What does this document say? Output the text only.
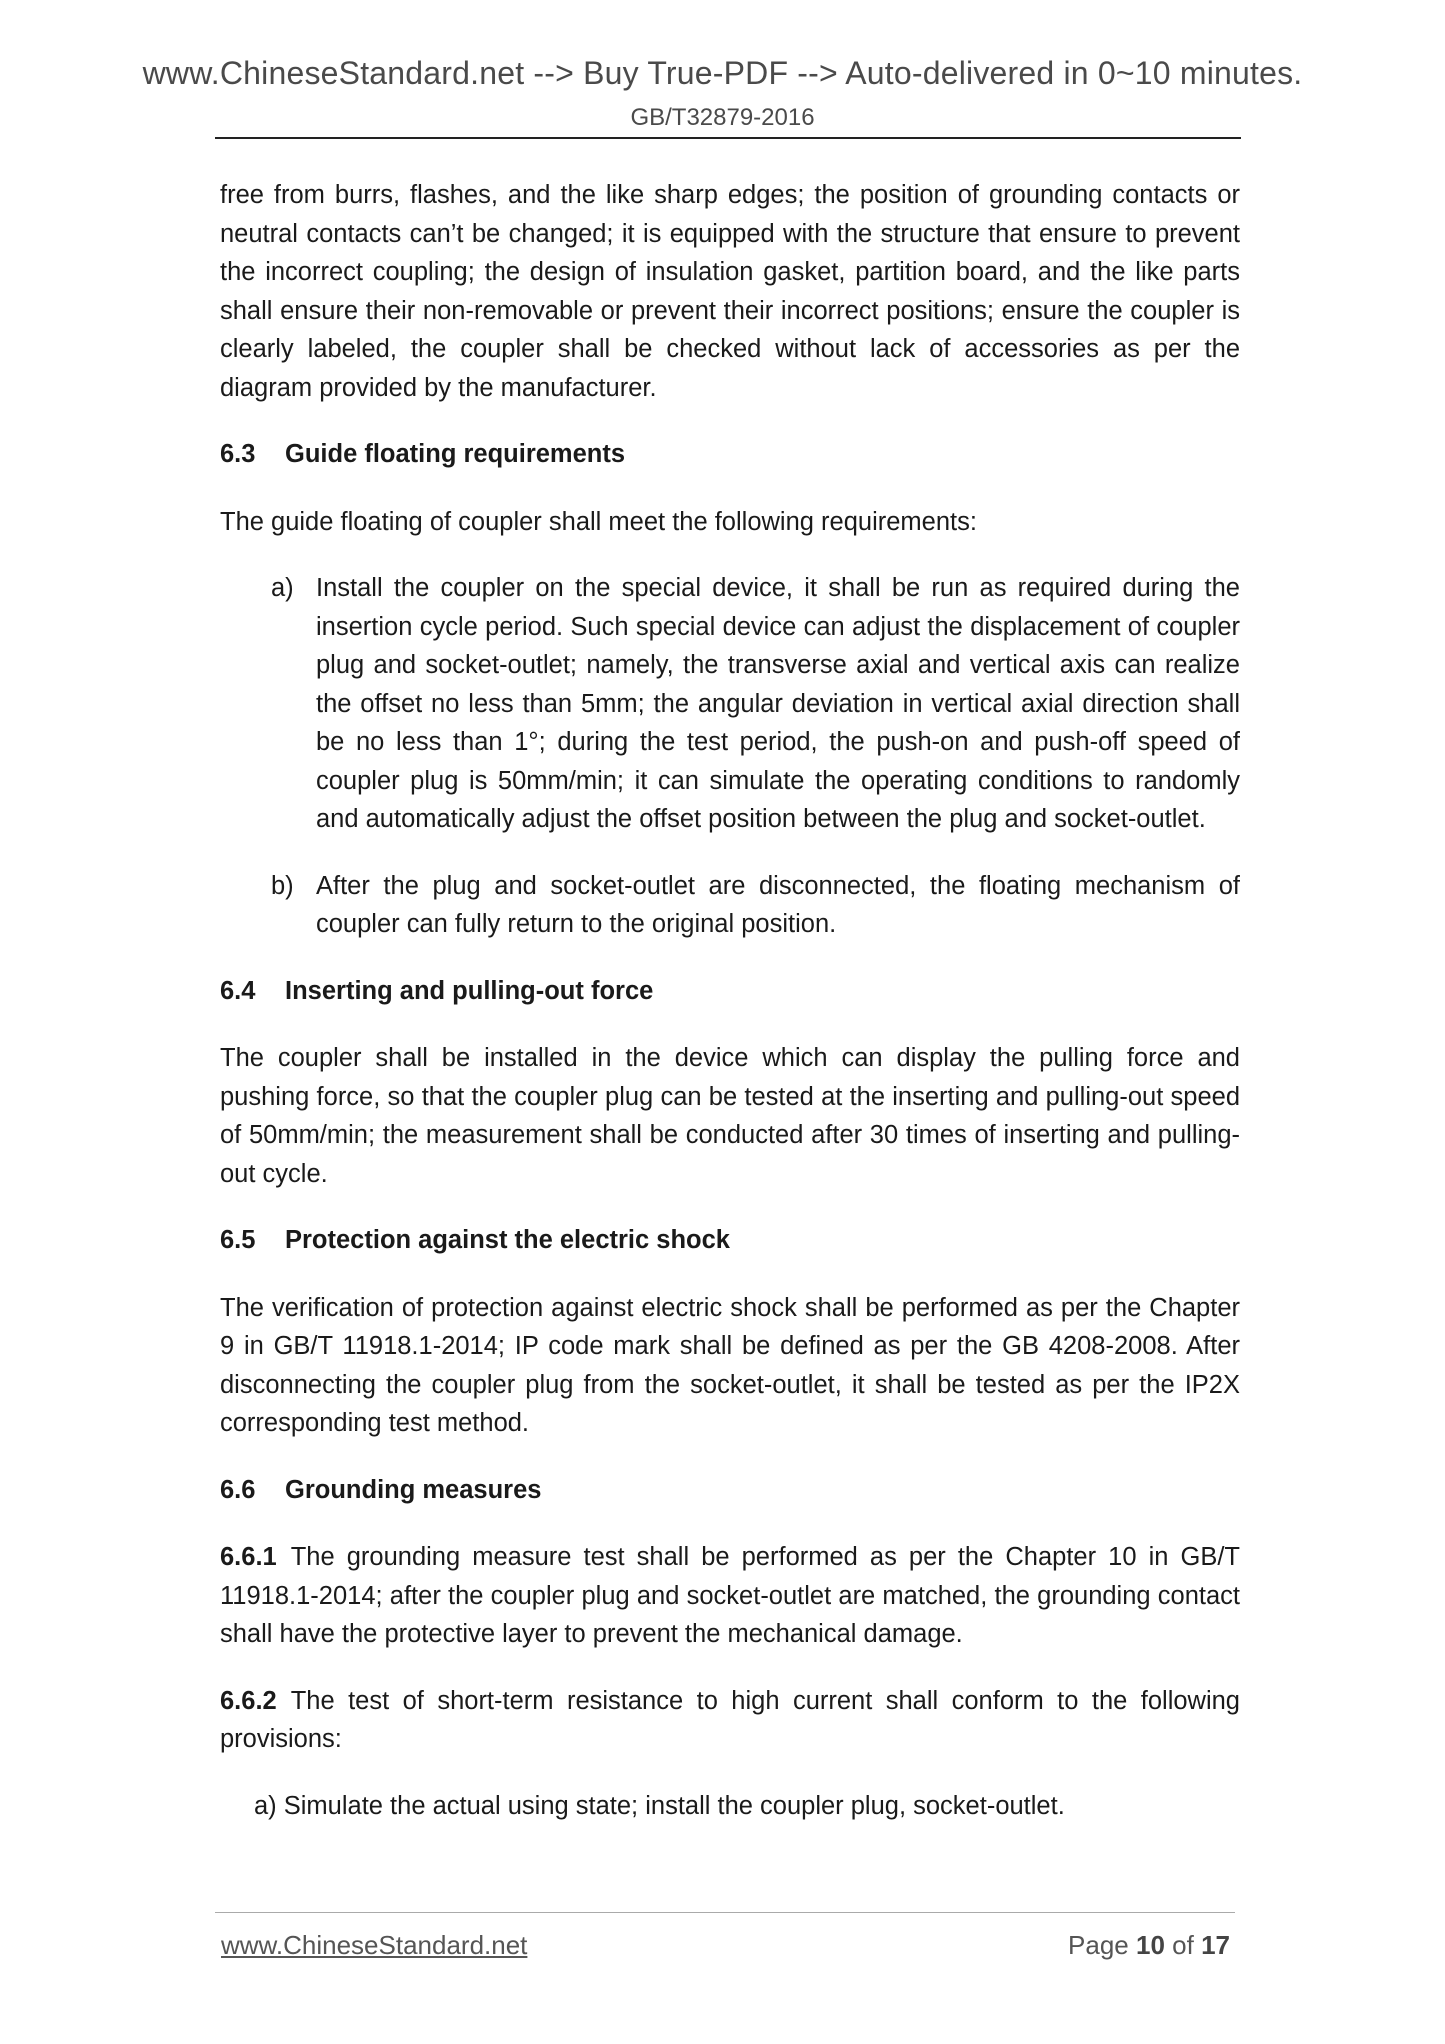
www.ChineseStandard.net --> Buy True-PDF --> Auto-delivered in 0~10 minutes.
GB/T32879-2016

free from burrs, flashes, and the like sharp edges; the position of grounding contacts or neutral contacts can’t be changed; it is equipped with the structure that ensure to prevent the incorrect coupling; the design of insulation gasket, partition board, and the like parts shall ensure their non-removable or prevent their incorrect positions; ensure the coupler is clearly labeled, the coupler shall be checked without lack of accessories as per the diagram provided by the manufacturer.

6.3 Guide floating requirements

The guide floating of coupler shall meet the following requirements:

a) Install the coupler on the special device, it shall be run as required during the insertion cycle period. Such special device can adjust the displacement of coupler plug and socket-outlet; namely, the transverse axial and vertical axis can realize the offset no less than 5mm; the angular deviation in vertical axial direction shall be no less than 1°; during the test period, the push-on and push-off speed of coupler plug is 50mm/min; it can simulate the operating conditions to randomly and automatically adjust the offset position between the plug and socket-outlet.
b) After the plug and socket-outlet are disconnected, the floating mechanism of coupler can fully return to the original position.
6.4 Inserting and pulling-out force

The coupler shall be installed in the device which can display the pulling force and pushing force, so that the coupler plug can be tested at the inserting and pulling-out speed of 50mm/min; the measurement shall be conducted after 30 times of inserting and pulling-out cycle.

6.5 Protection against the electric shock

The verification of protection against electric shock shall be performed as per the Chapter 9 in GB/T 11918.1-2014; IP code mark shall be defined as per the GB 4208-2008. After disconnecting the coupler plug from the socket-outlet, it shall be tested as per the IP2X corresponding test method.

6.6 Grounding measures

6.6.1 The grounding measure test shall be performed as per the Chapter 10 in GB/T 11918.1-2014; after the coupler plug and socket-outlet are matched, the grounding contact shall have the protective layer to prevent the mechanical damage.

6.6.2 The test of short-term resistance to high current shall conform to the following provisions:

a) Simulate the actual using state; install the coupler plug, socket-outlet.
www.ChineseStandard.net	Page 10 of 17
